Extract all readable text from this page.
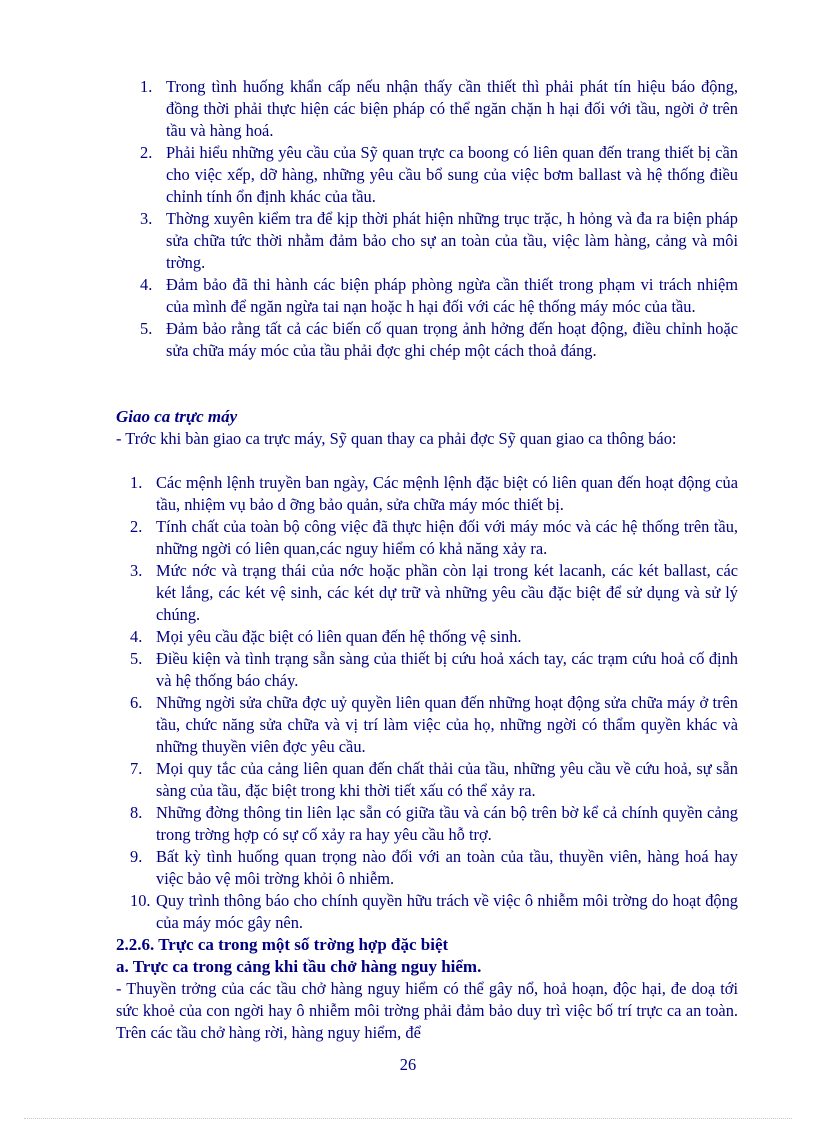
1. Trong tình huống khẩn cấp nếu nhận thấy cần thiết thì phải phát tín hiệu báo động, đồng thời phải thực hiện các biện pháp có thể ngăn chặn h hại đối với tầu, ngời ở trên tầu và hàng hoá.
2. Phải hiểu những yêu cầu của Sỹ quan trực ca boong có liên quan đến trang thiết bị cần cho việc xếp, dỡ hàng, những yêu cầu bổ sung của việc bơm ballast và hệ thống điều chỉnh tính ổn định khác của tầu.
3. Thờng xuyên kiểm tra để kịp thời phát hiện những trục trặc, h hỏng và đa ra biện pháp sửa chữa tức thời nhằm đảm bảo cho sự an toàn của tầu, việc làm hàng, cảng và môi trờng.
4. Đảm bảo đã thi hành các biện pháp phòng ngừa cần thiết trong phạm vi trách nhiệm của mình để ngăn ngừa tai nạn hoặc h hại đối với các hệ thống máy móc của tầu.
5. Đảm bảo rằng tất cả các biến cố quan trọng ảnh hởng đến hoạt động, điều chỉnh hoặc sửa chữa máy móc của tầu phải đợc ghi chép một cách thoả đáng.
Giao ca trực máy

- Trớc khi bàn giao ca trực máy, Sỹ quan thay ca phải đợc Sỹ quan giao ca thông báo:

1. Các mệnh lệnh truyền ban ngày, Các mệnh lệnh đặc biệt có liên quan đến hoạt động của tầu, nhiệm vụ bảo d ỡng bảo quản, sửa chữa máy móc thiết bị.
2. Tính chất của toàn bộ công việc đã thực hiện đối với máy móc và các hệ thống trên tầu, những ngời có liên quan,các nguy hiểm có khả năng xảy ra.
3. Mức nớc và trạng thái của nớc hoặc phần còn lại trong két lacanh, các két ballast, các két lắng, các két vệ sinh, các két dự trữ và những yêu cầu đặc biệt để sử dụng và sử lý chúng.
4. Mọi yêu cầu đặc biệt có liên quan đến hệ thống vệ sinh.
5. Điều kiện và tình trạng sẵn sàng của thiết bị cứu hoả xách tay, các trạm cứu hoả cố định và hệ thống báo cháy.
6. Những ngời sửa chữa đợc uỷ quyền liên quan đến những hoạt động sửa chữa máy ở trên tầu, chức năng sửa chữa và vị trí làm việc của họ, những ngời có thẩm quyền khác và những thuyền viên đợc yêu cầu.
7. Mọi quy tắc của cảng liên quan đến chất thải của tầu, những yêu cầu về cứu hoả, sự sẵn sàng của tầu, đặc biệt trong khi thời tiết xấu có thể xảy ra.
8. Những đờng thông tin liên lạc sẵn có giữa tầu và cán bộ trên bờ kể cả chính quyền cảng trong trờng hợp có sự cố xảy ra hay yêu cầu hỗ trợ.
9. Bất kỳ tình huống quan trọng nào đối với an toàn của tầu, thuyền viên, hàng hoá hay việc bảo vệ môi trờng khỏi ô nhiễm.
10. Quy trình thông báo cho chính quyền hữu trách về việc ô nhiễm môi trờng do hoạt động của máy móc gây nên.
2.2.6. Trực ca trong một số trờng hợp đặc biệt
a. Trực ca trong cảng khi tầu chở hàng nguy hiểm.

- Thuyền trởng của các tầu chở hàng nguy hiểm có thể gây nổ, hoả hoạn, độc hại, đe doạ tới sức khoẻ của con ngời hay ô nhiễm môi trờng phải đảm bảo duy trì việc bố trí trực ca an toàn. Trên các tầu chở hàng rời, hàng nguy hiểm, để

26
